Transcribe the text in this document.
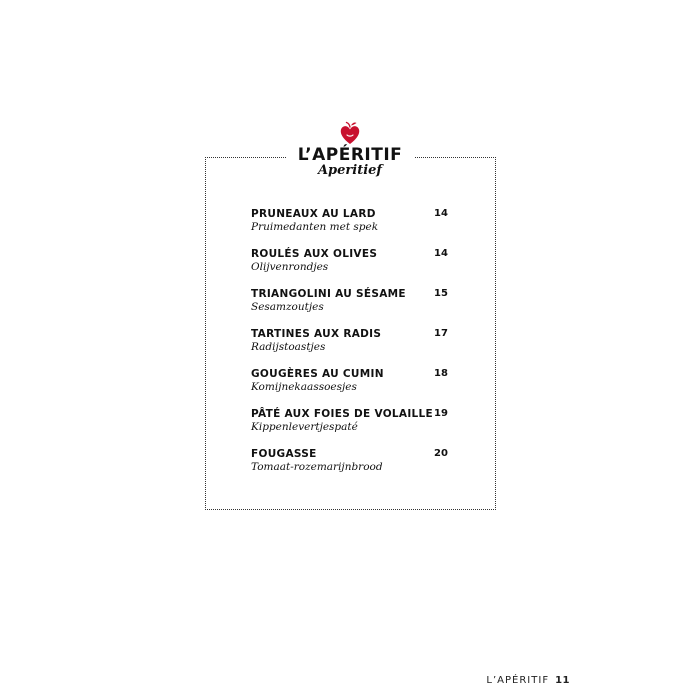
L’APÉRITIF
Aperitief
PRUNEAUX AU LARD
Pruimedanten met spek
14
ROULÉS AUX OLIVES
Olijvenrondjes
14
TRIANGOLINI AU SÉSAME
Sesamzoutjes
15
TARTINES AUX RADIS
Radijstoastjes
17
GOUGÈRES AU CUMIN
Komijnekaassoesjes
18
PÂTÉ AUX FOIES DE VOLAILLE
Kippenlevertjespaté
19
FOUGASSE
Tomaat-rozemarijnbrood
20
L’APÉRITIF 11
